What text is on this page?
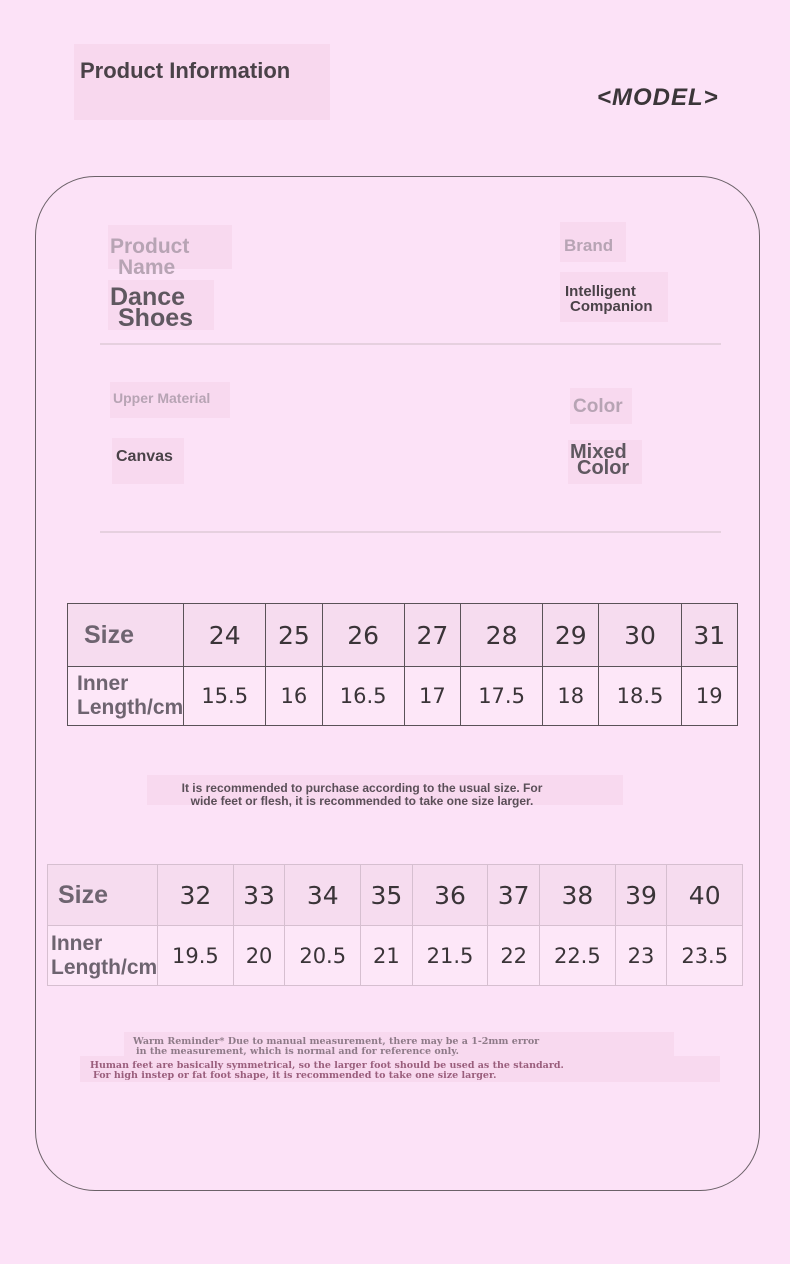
Product Information
<MODEL>
Product
Name
Dance
Shoes
Brand
Intelligent
Companion
Upper Material
Canvas
Color
Mixed
Color
Size	24	25	26	27	28	29	30	31
Inner Length/cm	15.5	16	16.5	17	17.5	18	18.5	19
It is recommended to purchase according to the usual size. For
wide feet or flesh, it is recommended to take one size larger.
Size	32	33	34	35	36	37	38	39	40
Inner Length/cm	19.5	20	20.5	21	21.5	22	22.5	23	23.5
Warm Reminder* Due to manual measurement, there may be a 1-2mm error
in the measurement, which is normal and for reference only.
Human feet are basically symmetrical, so the larger foot should be used as the standard.
For high instep or fat foot shape, it is recommended to take one size larger.
